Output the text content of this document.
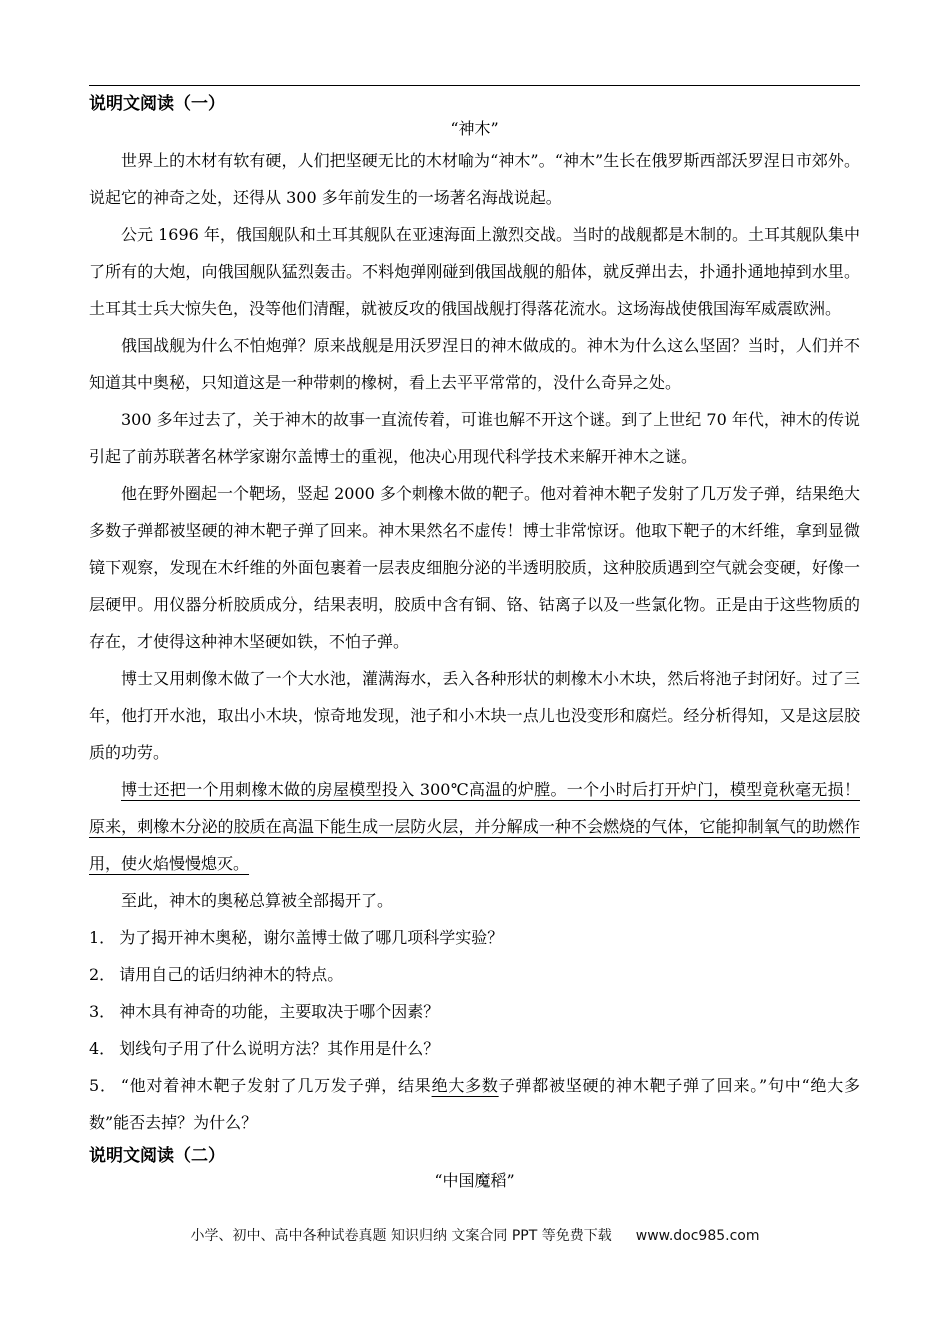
说明文阅读（一）
“神木”

世界上的木材有软有硬，人们把坚硬无比的木材喻为“神木”。“神木”生长在俄罗斯西部沃罗涅日市郊外。说起它的神奇之处，还得从 300 多年前发生的一场著名海战说起。

公元 1696 年，俄国舰队和土耳其舰队在亚速海面上激烈交战。当时的战舰都是木制的。土耳其舰队集中了所有的大炮，向俄国舰队猛烈轰击。不料炮弹刚碰到俄国战舰的船体，就反弹出去，扑通扑通地掉到水里。土耳其士兵大惊失色，没等他们清醒，就被反攻的俄国战舰打得落花流水。这场海战使俄国海军威震欧洲。

俄国战舰为什么不怕炮弹？原来战舰是用沃罗涅日的神木做成的。神木为什么这么坚固？当时，人们并不知道其中奥秘，只知道这是一种带刺的橡树，看上去平平常常的，没什么奇异之处。

300 多年过去了，关于神木的故事一直流传着，可谁也解不开这个谜。到了上世纪 70 年代，神木的传说引起了前苏联著名林学家谢尔盖博士的重视，他决心用现代科学技术来解开神木之谜。

他在野外圈起一个靶场，竖起 2000 多个刺橡木做的靶子。他对着神木靶子发射了几万发子弹，结果绝大多数子弹都被坚硬的神木靶子弹了回来。神木果然名不虚传！博士非常惊讶。他取下靶子的木纤维，拿到显微镜下观察，发现在木纤维的外面包裹着一层表皮细胞分泌的半透明胶质，这种胶质遇到空气就会变硬，好像一层硬甲。用仪器分析胶质成分，结果表明，胶质中含有铜、铬、钴离子以及一些氯化物。正是由于这些物质的存在，才使得这种神木坚硬如铁，不怕子弹。

博士又用刺像木做了一个大水池，灌满海水，丢入各种形状的刺橡木小木块，然后将池子封闭好。过了三年，他打开水池，取出小木块，惊奇地发现，池子和小木块一点儿也没变形和腐烂。经分析得知，又是这层胶质的功劳。

博士还把一个用刺橡木做的房屋模型投入 300℃高温的炉膛。一个小时后打开炉门，模型竟秋毫无损！原来，刺橡木分泌的胶质在高温下能生成一层防火层，并分解成一种不会燃烧的气体，它能抑制氧气的助燃作用，使火焰慢慢熄灭。

至此，神木的奥秘总算被全部揭开了。

1． 为了揭开神木奥秘，谢尔盖博士做了哪几项科学实验？

2． 请用自己的话归纳神木的特点。

3． 神木具有神奇的功能，主要取决于哪个因素？

4． 划线句子用了什么说明方法？其作用是什么？

5． “他对着神木靶子发射了几万发子弹，结果绝大多数子弹都被坚硬的神木靶子弹了回来。”句中“绝大多数”能否去掉？为什么？

说明文阅读（二）
“中国魔稻”
小学、初中、高中各种试卷真题 知识归纳 文案合同 PPT 等免费下载 www.doc985.com
